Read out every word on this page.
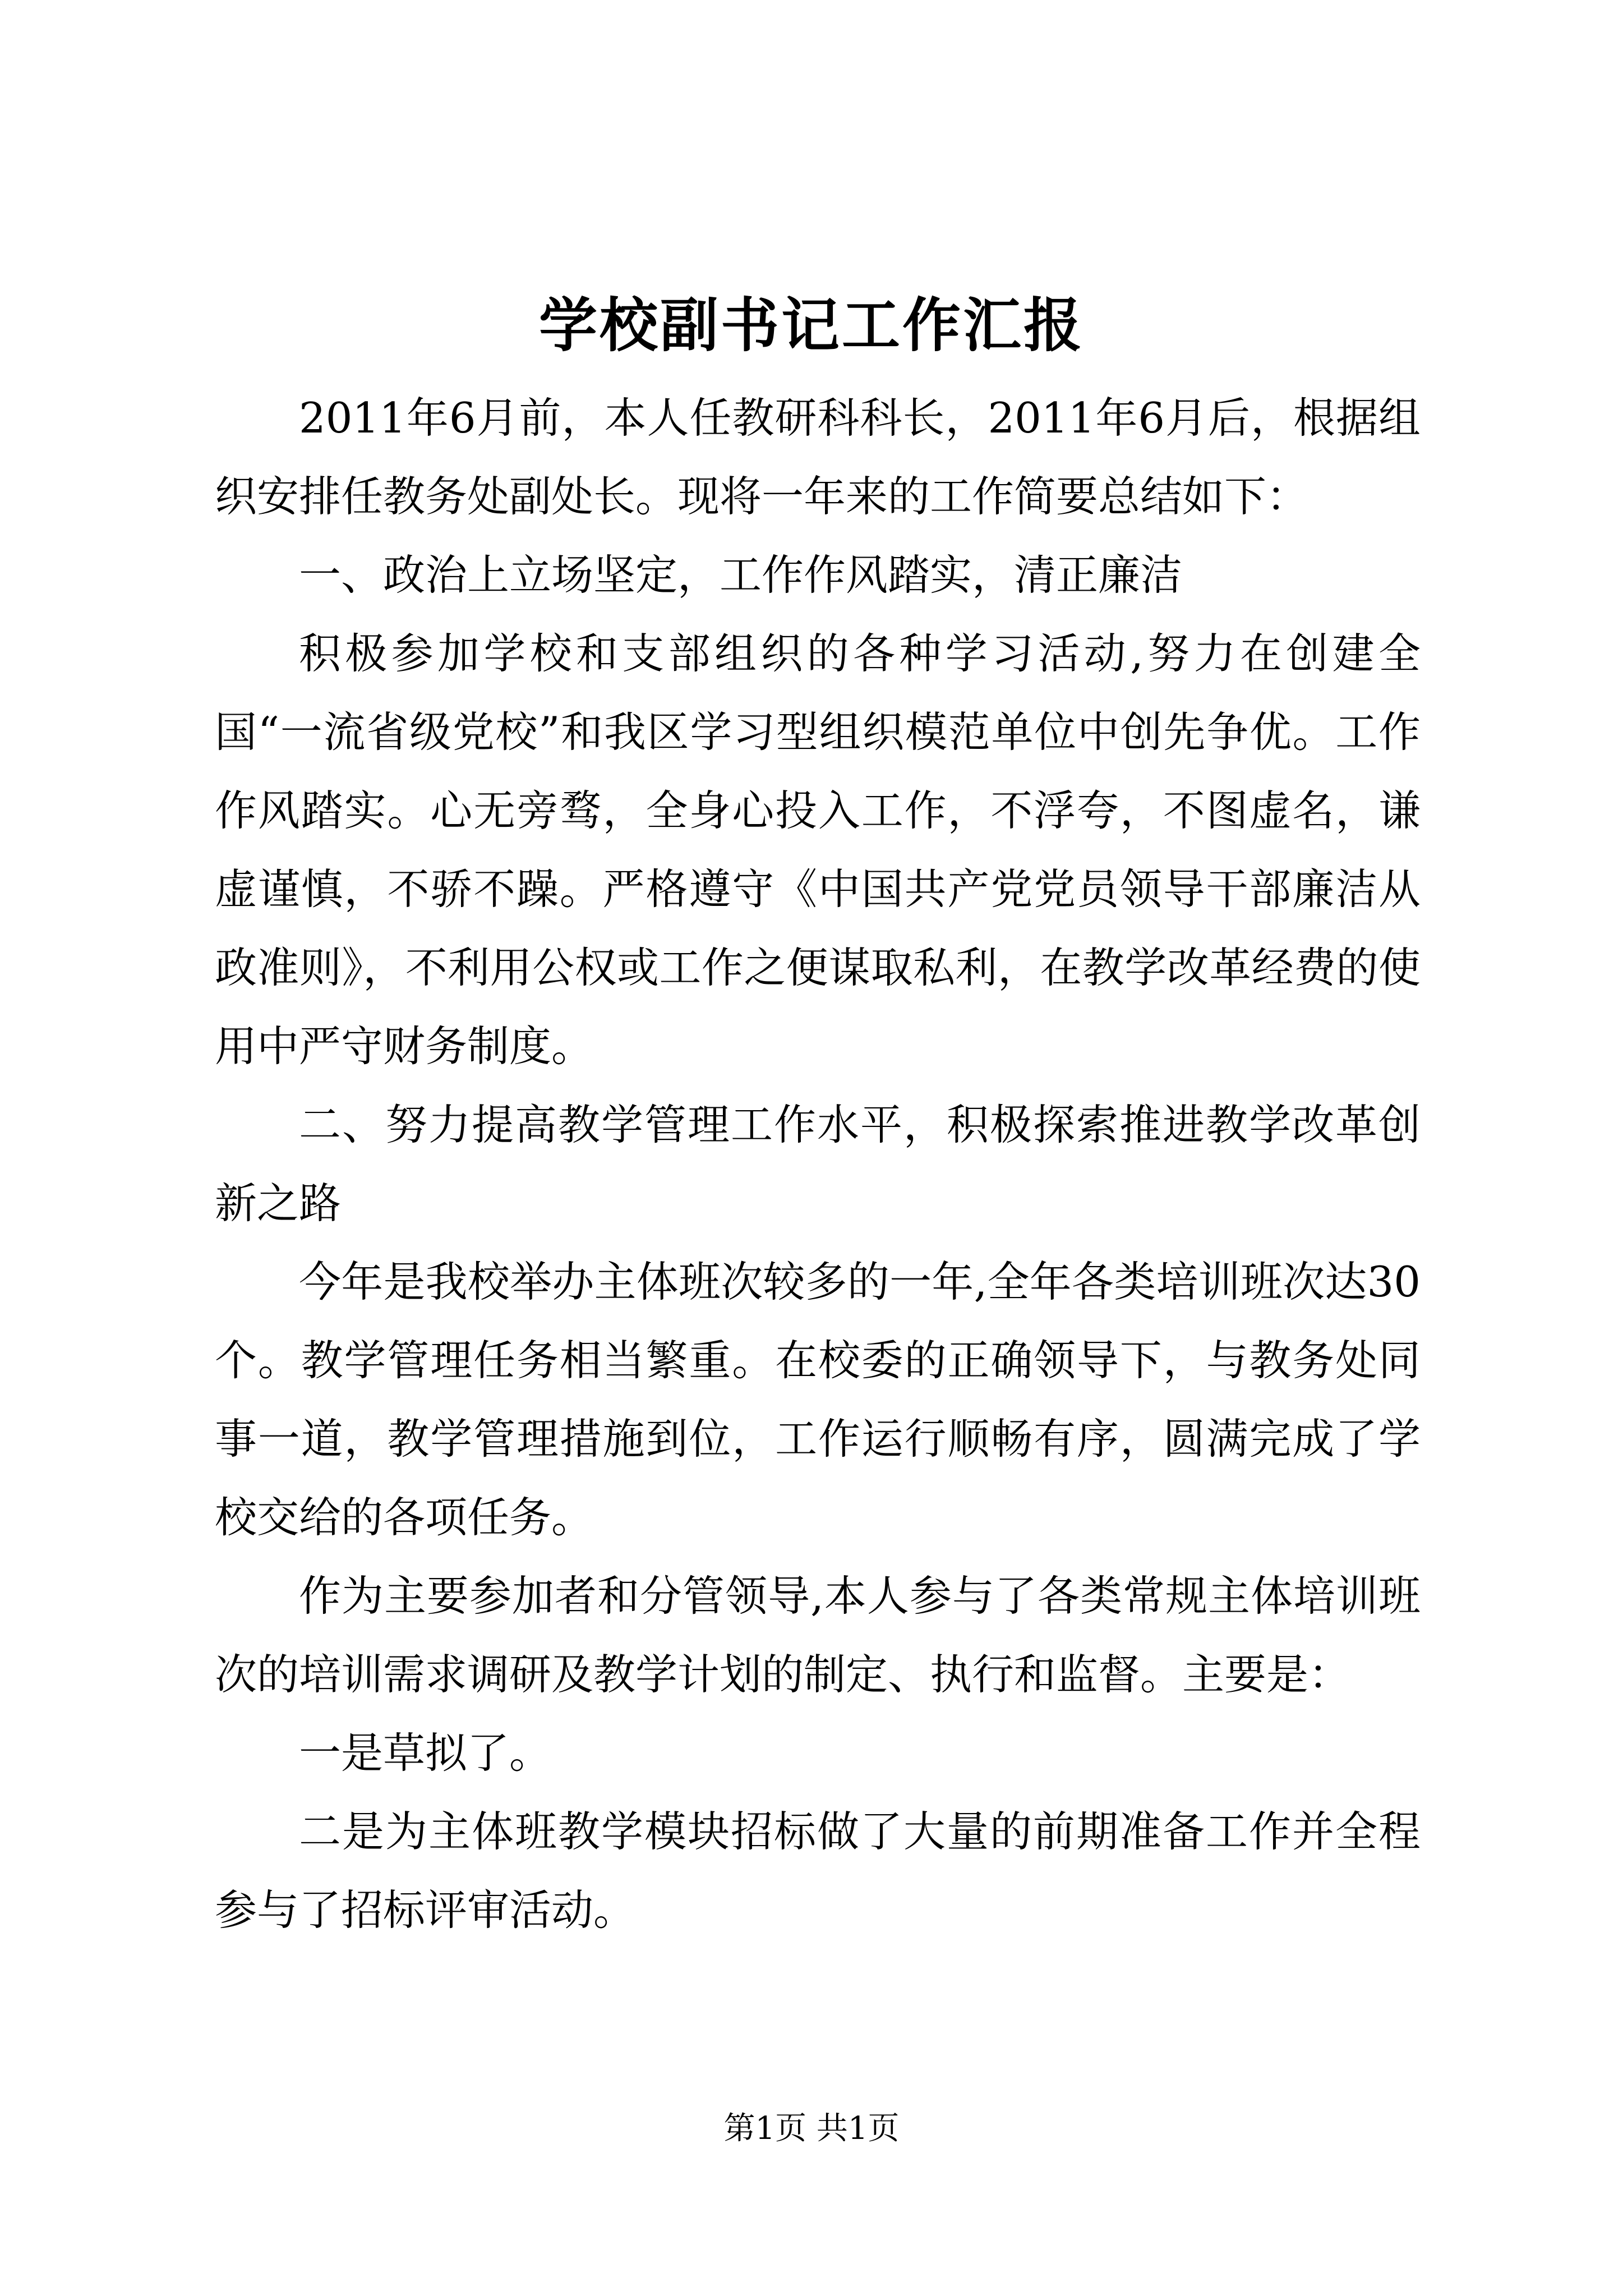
学校副书记工作汇报

2011年6月前，本人任教研科科长，2011年6月后，根据组织安排任教务处副处长。现将一年来的工作简要总结如下：

一、政治上立场坚定，工作作风踏实，清正廉洁

积极参加学校和支部组织的各种学习活动,努力在创建全国“一流省级党校”和我区学习型组织模范单位中创先争优。工作作风踏实。心无旁骛，全身心投入工作，不浮夸，不图虚名，谦虚谨慎，不骄不躁。严格遵守《中国共产党党员领导干部廉洁从政准则》，不利用公权或工作之便谋取私利，在教学改革经费的使用中严守财务制度。

二、努力提高教学管理工作水平，积极探索推进教学改革创新之路

今年是我校举办主体班次较多的一年,全年各类培训班次达30个。教学管理任务相当繁重。在校委的正确领导下，与教务处同事一道，教学管理措施到位，工作运行顺畅有序，圆满完成了学校交给的各项任务。

作为主要参加者和分管领导,本人参与了各类常规主体培训班次的培训需求调研及教学计划的制定、执行和监督。主要是：

一是草拟了。

二是为主体班教学模块招标做了大量的前期准备工作并全程参与了招标评审活动。

第1页 共1页
